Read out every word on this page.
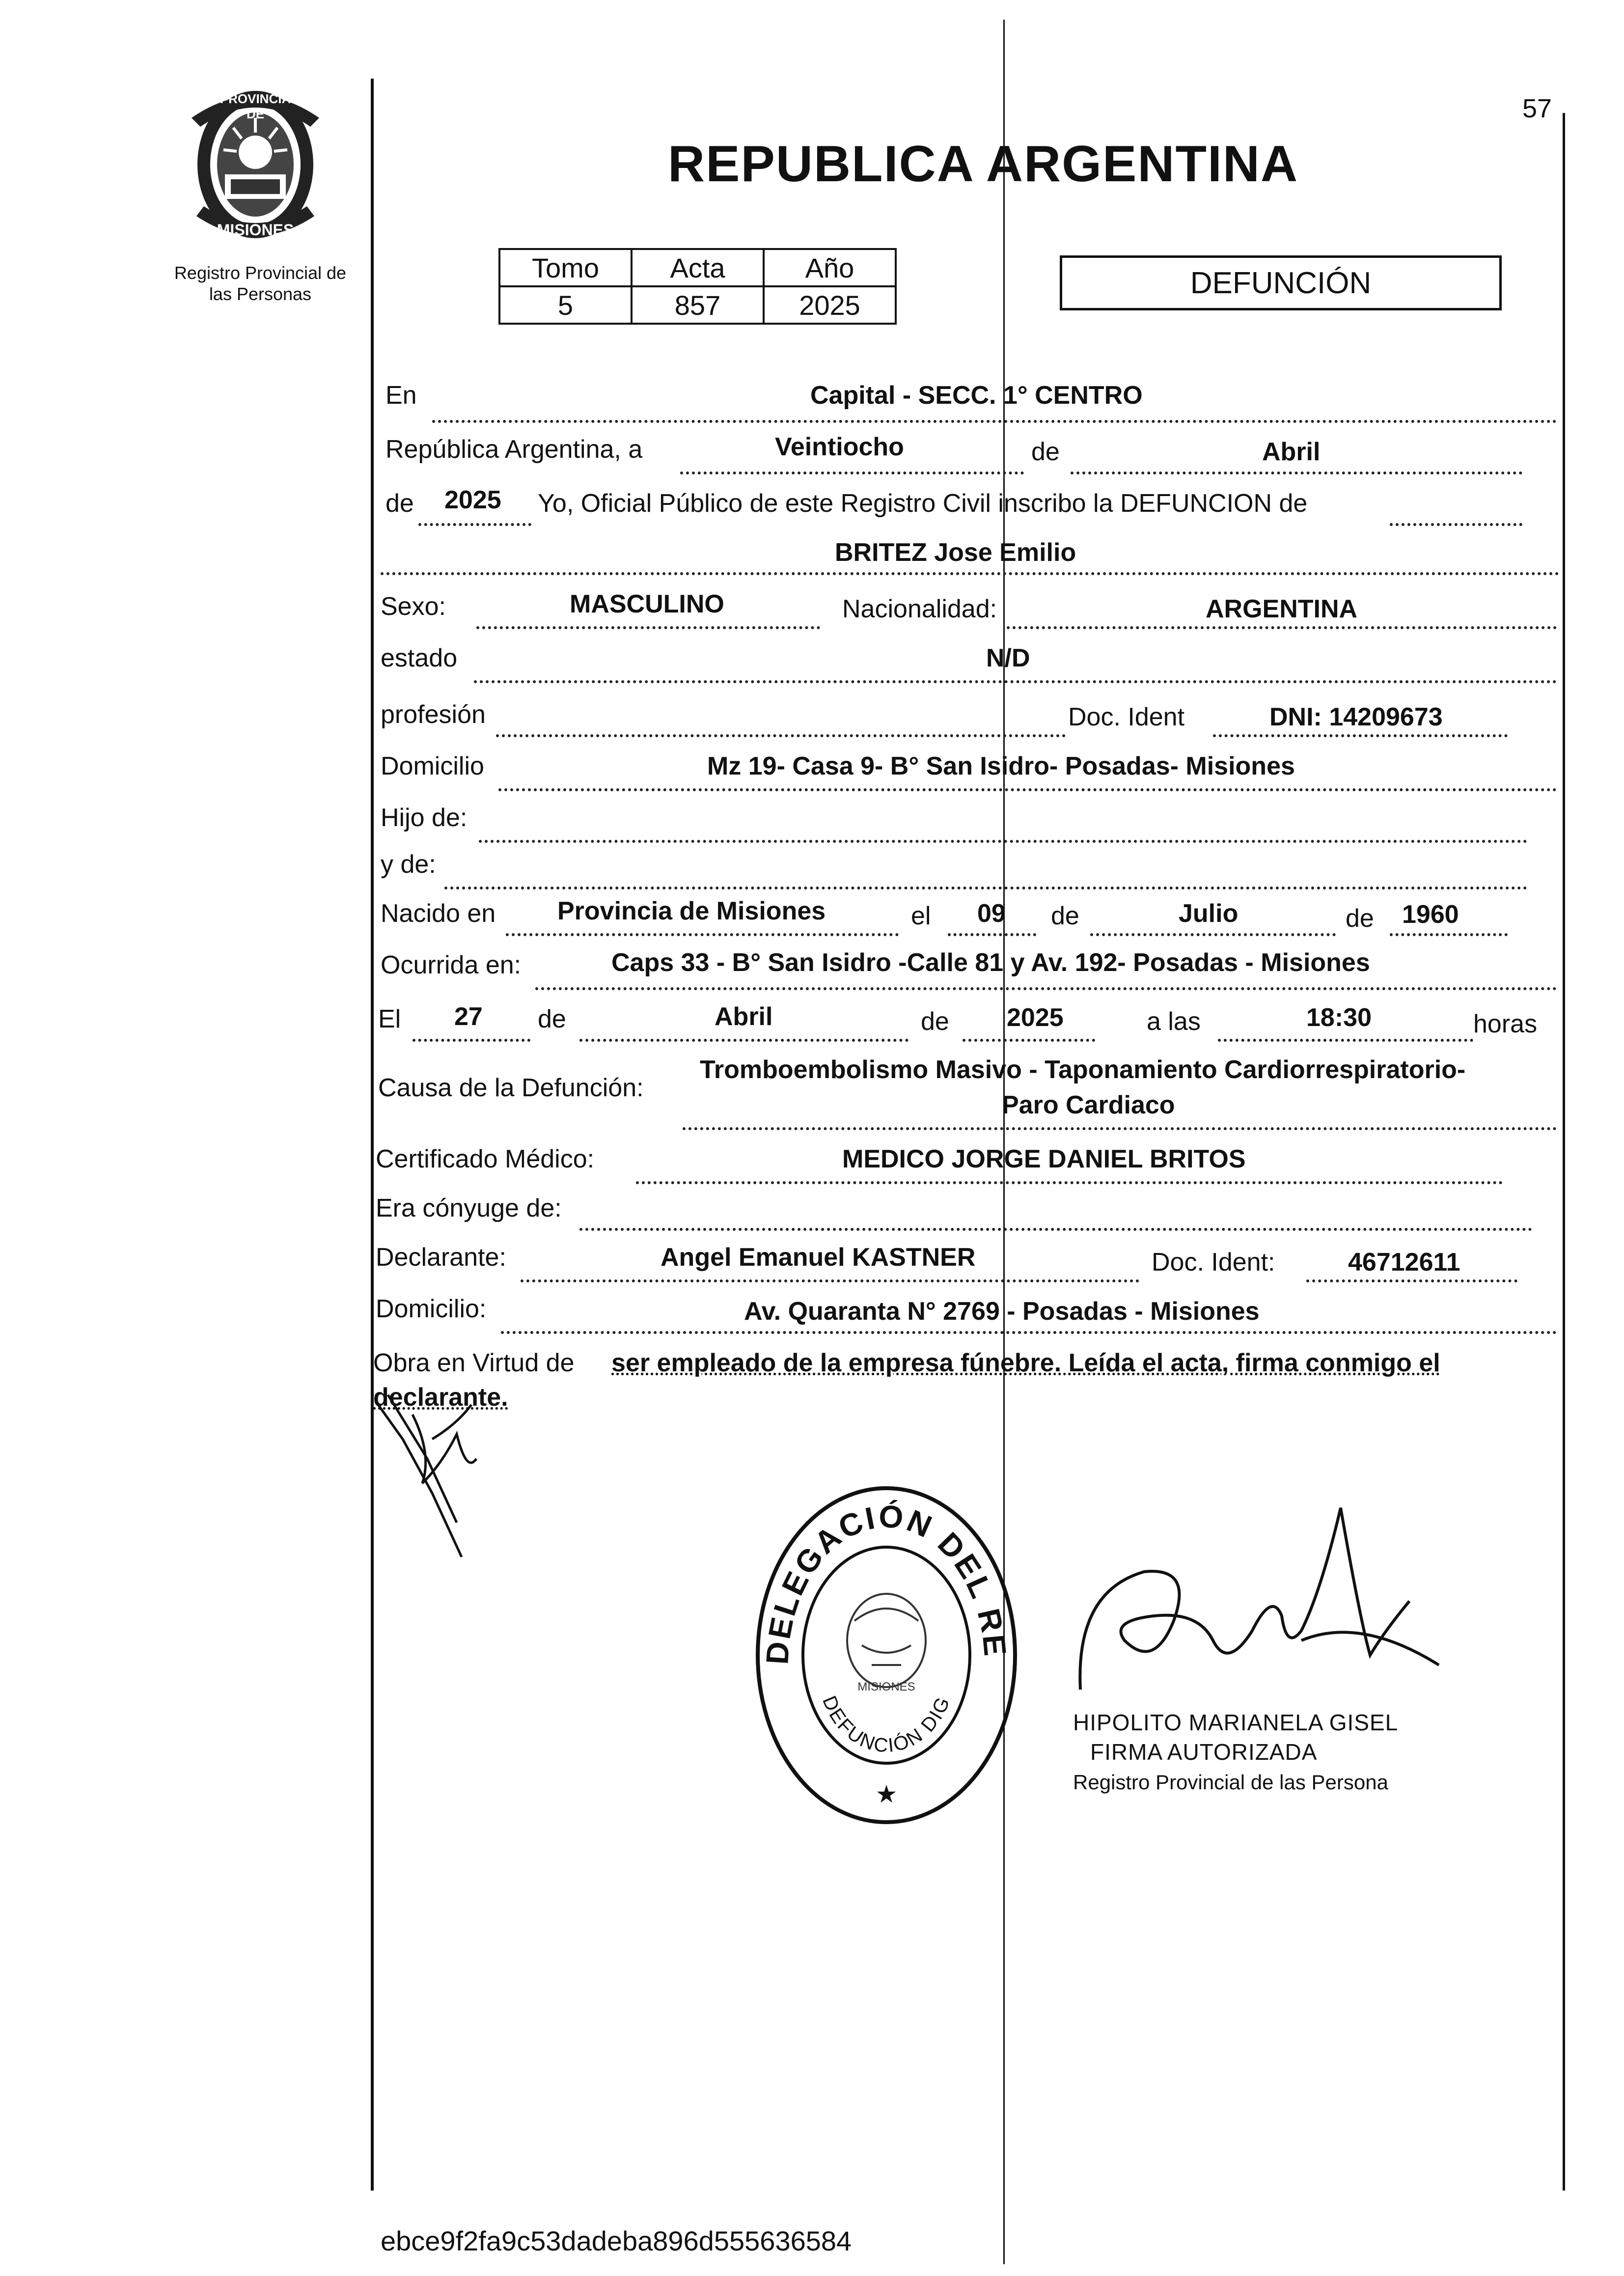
57
PROVINCIA DE
MISIONES
Registro Provincial de
las Personas
REPUBLICA ARGENTINA
Tomo	Acta	Año
5	857	2025
DEFUNCIÓN
En	Capital - SECC. 1° CENTRO
República Argentina, a	Veintiocho	de	Abril
de 2025 Yo, Oficial Público de este Registro Civil inscribo la DEFUNCION de
BRITEZ Jose Emilio
Sexo:	MASCULINO	Nacionalidad:	ARGENTINA
estado	N/D
profesión	Doc. Ident	DNI: 14209673
Domicilio	Mz 19- Casa 9- B° San Isidro- Posadas- Misiones
Hijo de:
y de:
Nacido en Provincia de Misiones	el 09 de	Julio	de 1960
Ocurrida en:	Caps 33 - B° San Isidro -Calle 81 y Av. 192- Posadas - Misiones
El 27 de	Abril	de 2025	a las	18:30	horas
Causa de la Defunción:
Tromboembolismo Masivo - Taponamiento Cardiorrespiratorio-
Paro Cardiaco
Certificado Médico:	MEDICO JORGE DANIEL BRITOS
Era cónyuge de:
Declarante:	Angel Emanuel KASTNER	Doc. Ident:	46712611
Domicilio:	Av. Quaranta N° 2769 - Posadas - Misiones
Obra en Virtud de ser empleado de la empresa fúnebre. Leída el acta, firma conmigo el
declarante.
DELEGACIÓN DEL RE
DEFUNCIÓN DIG
MISIONES
★
HIPOLITO MARIANELA GISEL
FIRMA AUTORIZADA
Registro Provincial de las Persona
ebce9f2fa9c53dadeba896d555636584
